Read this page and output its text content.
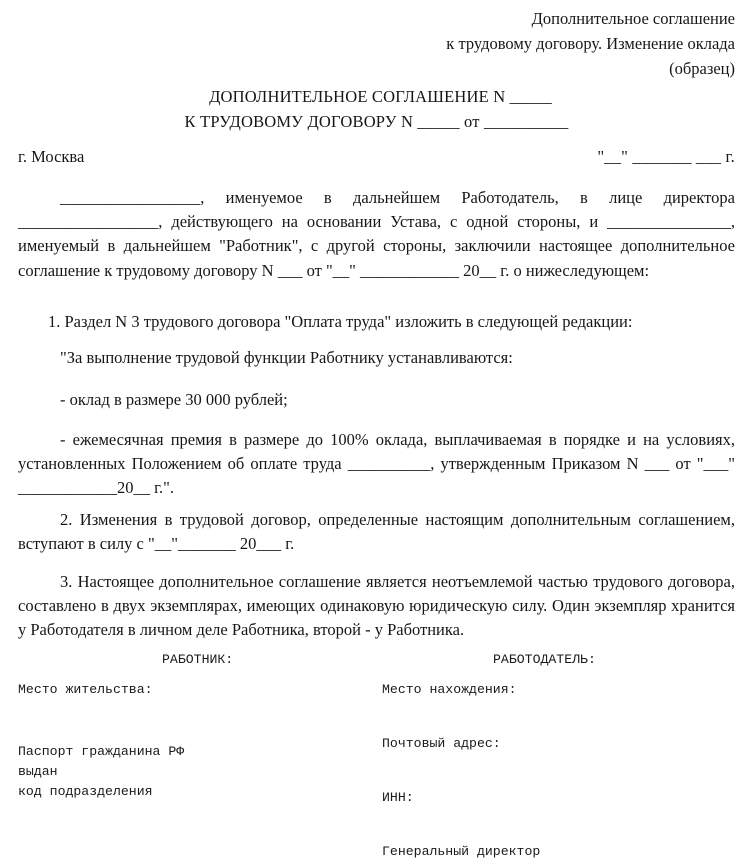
Дополнительное соглашение
к трудовому договору. Изменение оклада
(образец)
ДОПОЛНИТЕЛЬНОЕ СОГЛАШЕНИЕ N _____
К ТРУДОВОМУ ДОГОВОРУ N _____ от __________
г. Москва	"__" _______ ___ г.

_________________, именуемое в дальнейшем Работодатель, в лице директора _________________, действующего на основании Устава, с одной стороны, и _______________, именуемый в дальнейшем "Работник", с другой стороны, заключили настоящее дополнительное соглашение к трудовому договору N ___ от "__" ____________ 20__ г. о нижеследующем:

1. Раздел N 3 трудового договора "Оплата труда" изложить в следующей редакции:

"За выполнение трудовой функции Работнику устанавливаются:

- оклад в размере 30 000 рублей;

- ежемесячная премия в размере до 100% оклада, выплачиваемая в порядке и на условиях, установленных Положением об оплате труда __________, утвержденным Приказом N ___ от "___" ____________20__ г.".

2. Изменения в трудовой договор, определенные настоящим дополнительным соглашением, вступают в силу с "__"_______ 20___ г.

3. Настоящее дополнительное соглашение является неотъемлемой частью трудового договора, составлено в двух экземплярах, имеющих одинаковую юридическую силу. Один экземпляр хранится у Работодателя в личном деле Работника, второй - у Работника.

РАБОТНИК:	РАБОТОДАТЕЛЬ:
Место жительства:
Паспорт гражданина РФ
выдан
код подразделения
Место нахождения:
Почтовый адрес:
ИНН:
Генеральный директор
